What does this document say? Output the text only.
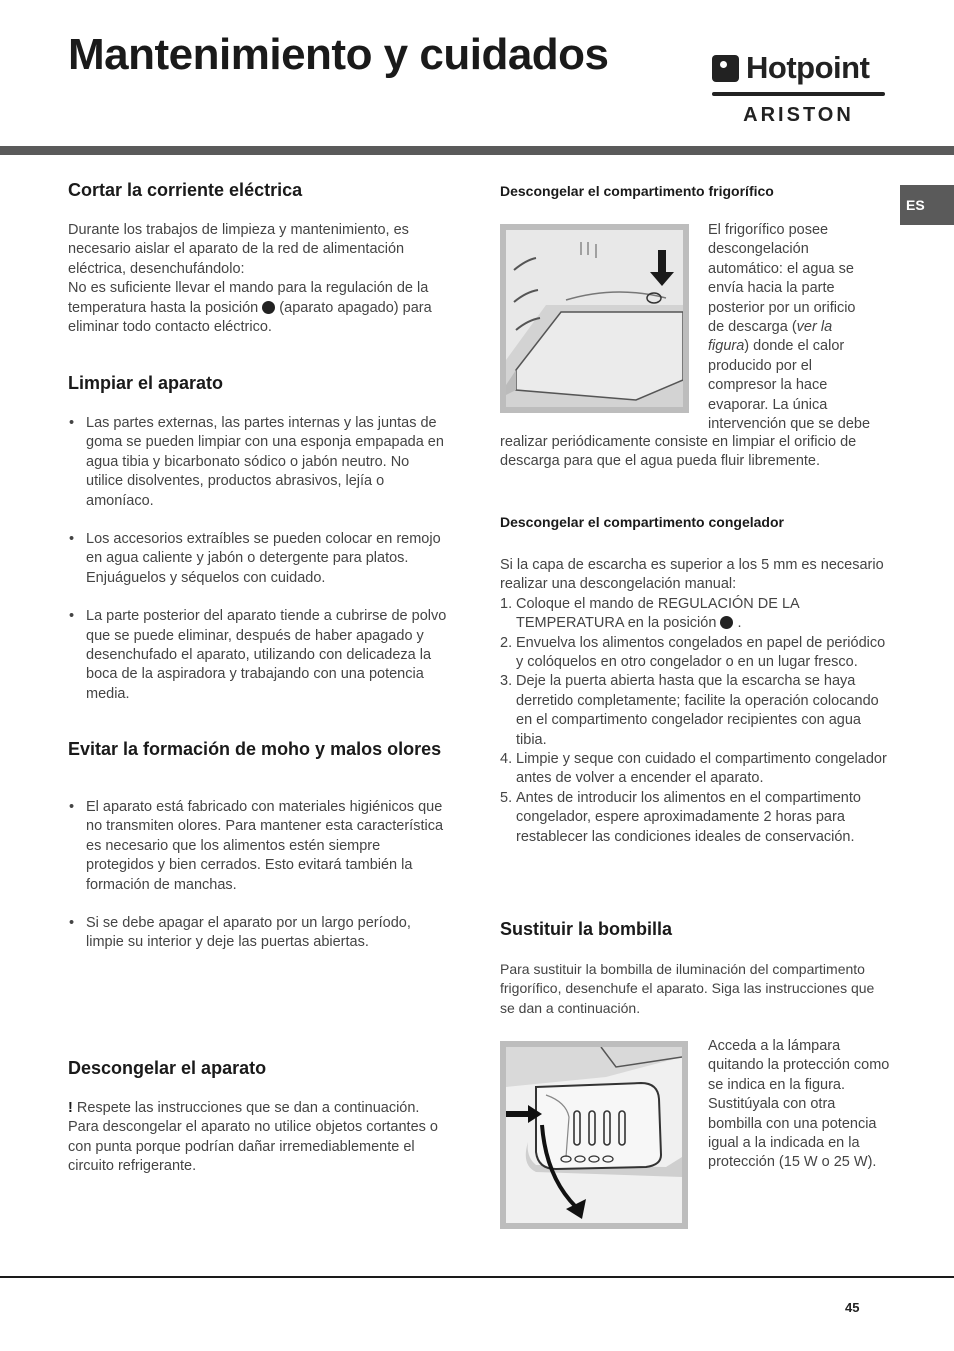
Mantenimiento y cuidados	Hotpoint
ARISTON
ES
Cortar la corriente eléctrica

Durante los trabajos de limpieza y mantenimiento, es necesario aislar el aparato de la red de alimentación eléctrica, desenchufándolo:

No es suficiente llevar el mando para la regulación de la temperatura hasta la posición (aparato apagado) para eliminar todo contacto eléctrico.

Limpiar el aparato
• Las partes externas, las partes internas y las juntas de goma se pueden limpiar con una esponja empapada en agua tibia y bicarbonato sódico o jabón neutro. No utilice disolventes, productos abrasivos, lejía o amoníaco.
• Los accesorios extraíbles se pueden colocar en remojo en agua caliente y jabón o detergente para platos. Enjuáguelos y séquelos con cuidado.
• La parte posterior del aparato tiende a cubrirse de polvo que se puede eliminar, después de haber apagado y desenchufado el aparato, utilizando con delicadeza la boca de la aspiradora y trabajando con una potencia media.
Evitar la formación de moho y malos olores
• El aparato está fabricado con materiales higiénicos que no transmiten olores. Para mantener esta característica es necesario que los alimentos estén siempre protegidos y bien cerrados. Esto evitará también la formación de manchas.
• Si se debe apagar el aparato por un largo período, limpie su interior y deje las puertas abiertas.
Descongelar el aparato

! Respete las instrucciones que se dan a continuación. Para descongelar el aparato no utilice objetos cortantes o con punta porque podrían dañar irremediablemente el circuito refrigerante.

Descongelar el compartimento frigorífico

El frigorífico posee

descongelación

automático: el agua se

envía hacia la parte

posterior por un orificio

de descarga (ver la

figura) donde el calor

producido por el

compresor la hace

evaporar. La única

intervención que se debe

realizar periódicamente consiste en limpiar el orificio de descarga para que el agua pueda fluir libremente.

Descongelar el compartimento congelador

Si la capa de escarcha es superior a los 5 mm es necesario realizar una descongelación manual:

1. Coloque el mando de REGULACIÓN DE LA TEMPERATURA en la posición .
2. Envuelva los alimentos congelados en papel de periódico y colóquelos en otro congelador o en un lugar fresco.
3. Deje la puerta abierta hasta que la escarcha se haya derretido completamente; facilite la operación colocando en el compartimento congelador recipientes con agua tibia.
4. Limpie y seque con cuidado el compartimento congelador antes de volver a encender el aparato.
5. Antes de introducir los alimentos en el compartimento congelador, espere aproximadamente 2 horas para restablecer las condiciones ideales de conservación.
Sustituir la bombilla

Para sustituir la bombilla de iluminación del compartimento frigorífico, desenchufe el aparato. Siga las instrucciones que se dan a continuación.

Acceda a la lámpara quitando la protección como se indica en la figura. Sustitúyala con otra bombilla con una potencia igual a la indicada en la protección (15 W o 25 W).

45
